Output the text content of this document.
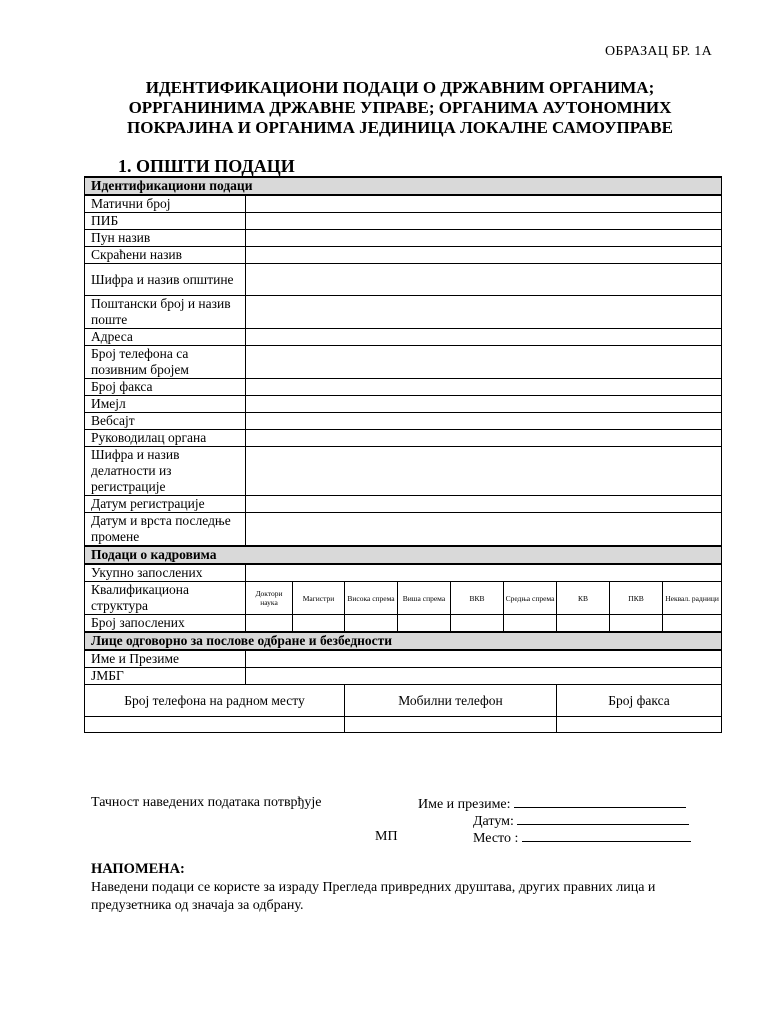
ОБРАЗАЦ БР. 1А
ИДЕНТИФИКАЦИОНИ ПОДАЦИ О ДРЖАВНИМ ОРГАНИМА;
ОРРГАНИНИМА ДРЖАВНЕ УПРАВЕ; ОРГАНИМА АУТОНОМНИХ
ПОКРАЈИНА И ОРГАНИМА ЈЕДИНИЦА ЛОКАЛНЕ САМОУПРАВЕ
1. ОПШТИ ПОДАЦИ
Идентификациони подаци									
Матични број									
ПИБ									
Пун назив									
Скраћени назив									
Шифра и назив општине									
Поштански број и назив поште									
Адреса									
Број телефона са позивним бројем									
Број факса									
Имејл									
Вебсајт									
Руководилац органа									
Шифра и назив делатности из регистрације									
Датум регистрације									
Датум и врста последње промене									
Подаци о кадровима									
Укупно запослених									
Квалификациона структура	Доктори наука	Магистри	Висока спрема	Виша спрема	ВКВ	Средња спрема	КВ	ПКВ	Неквал. радници
Број запослених									
Лице одговорно за послове одбране и безбедности									
Име и Презиме									
ЈМБГ									
Број телефона на радном месту			Мобилни телефон				Број факса		

Тачност наведених података потврђује	Име и презиме:
Датум:
МП	Место :
НАПОМЕНА:
Наведени подаци се користе за израду Прегледа привредних друштава, других правних лица и предузетника од значаја за одбрану.
